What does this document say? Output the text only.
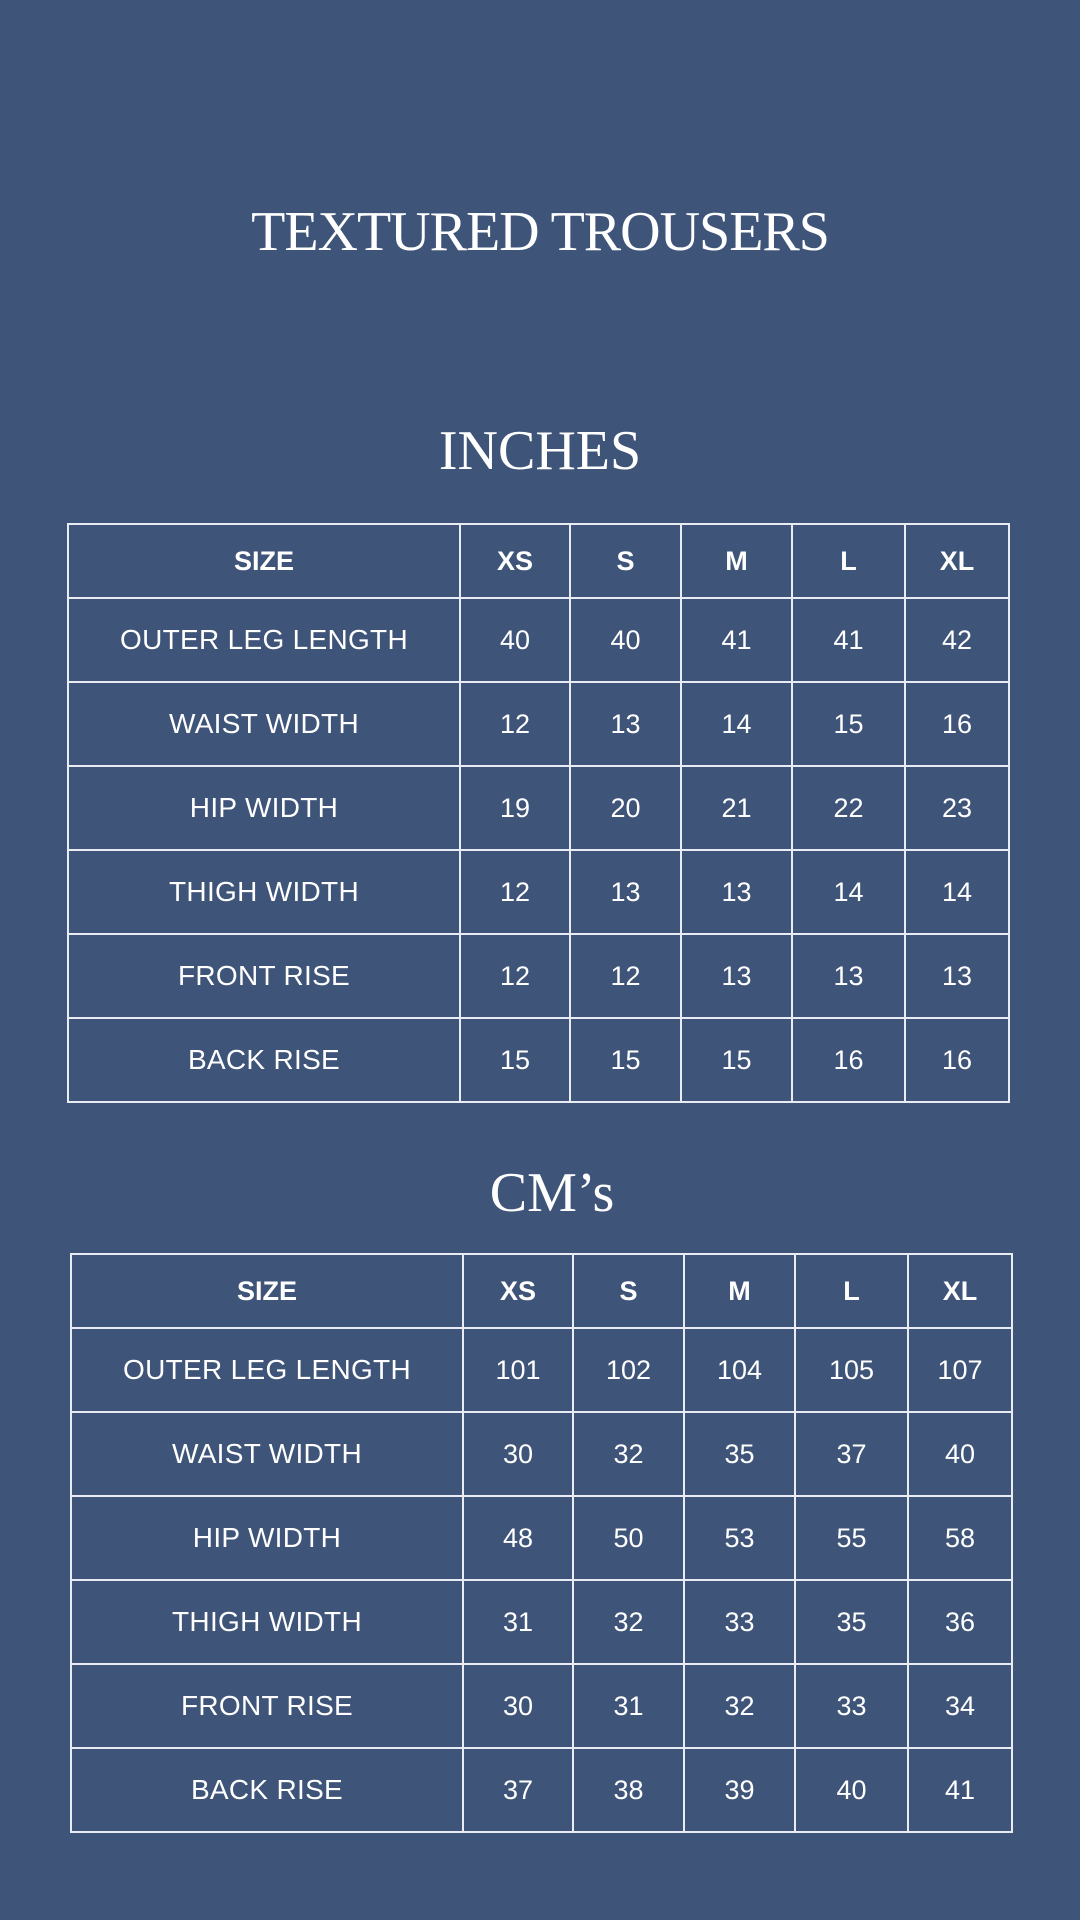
TEXTURED TROUSERS
INCHES
SIZE	XS	S	M	L	XL
OUTER LEG LENGTH	40	40	41	41	42
WAIST WIDTH	12	13	14	15	16
HIP WIDTH	19	20	21	22	23
THIGH WIDTH	12	13	13	14	14
FRONT RISE	12	12	13	13	13
BACK RISE	15	15	15	16	16
CM’s
SIZE	XS	S	M	L	XL
OUTER LEG LENGTH	101	102	104	105	107
WAIST WIDTH	30	32	35	37	40
HIP WIDTH	48	50	53	55	58
THIGH WIDTH	31	32	33	35	36
FRONT RISE	30	31	32	33	34
BACK RISE	37	38	39	40	41
